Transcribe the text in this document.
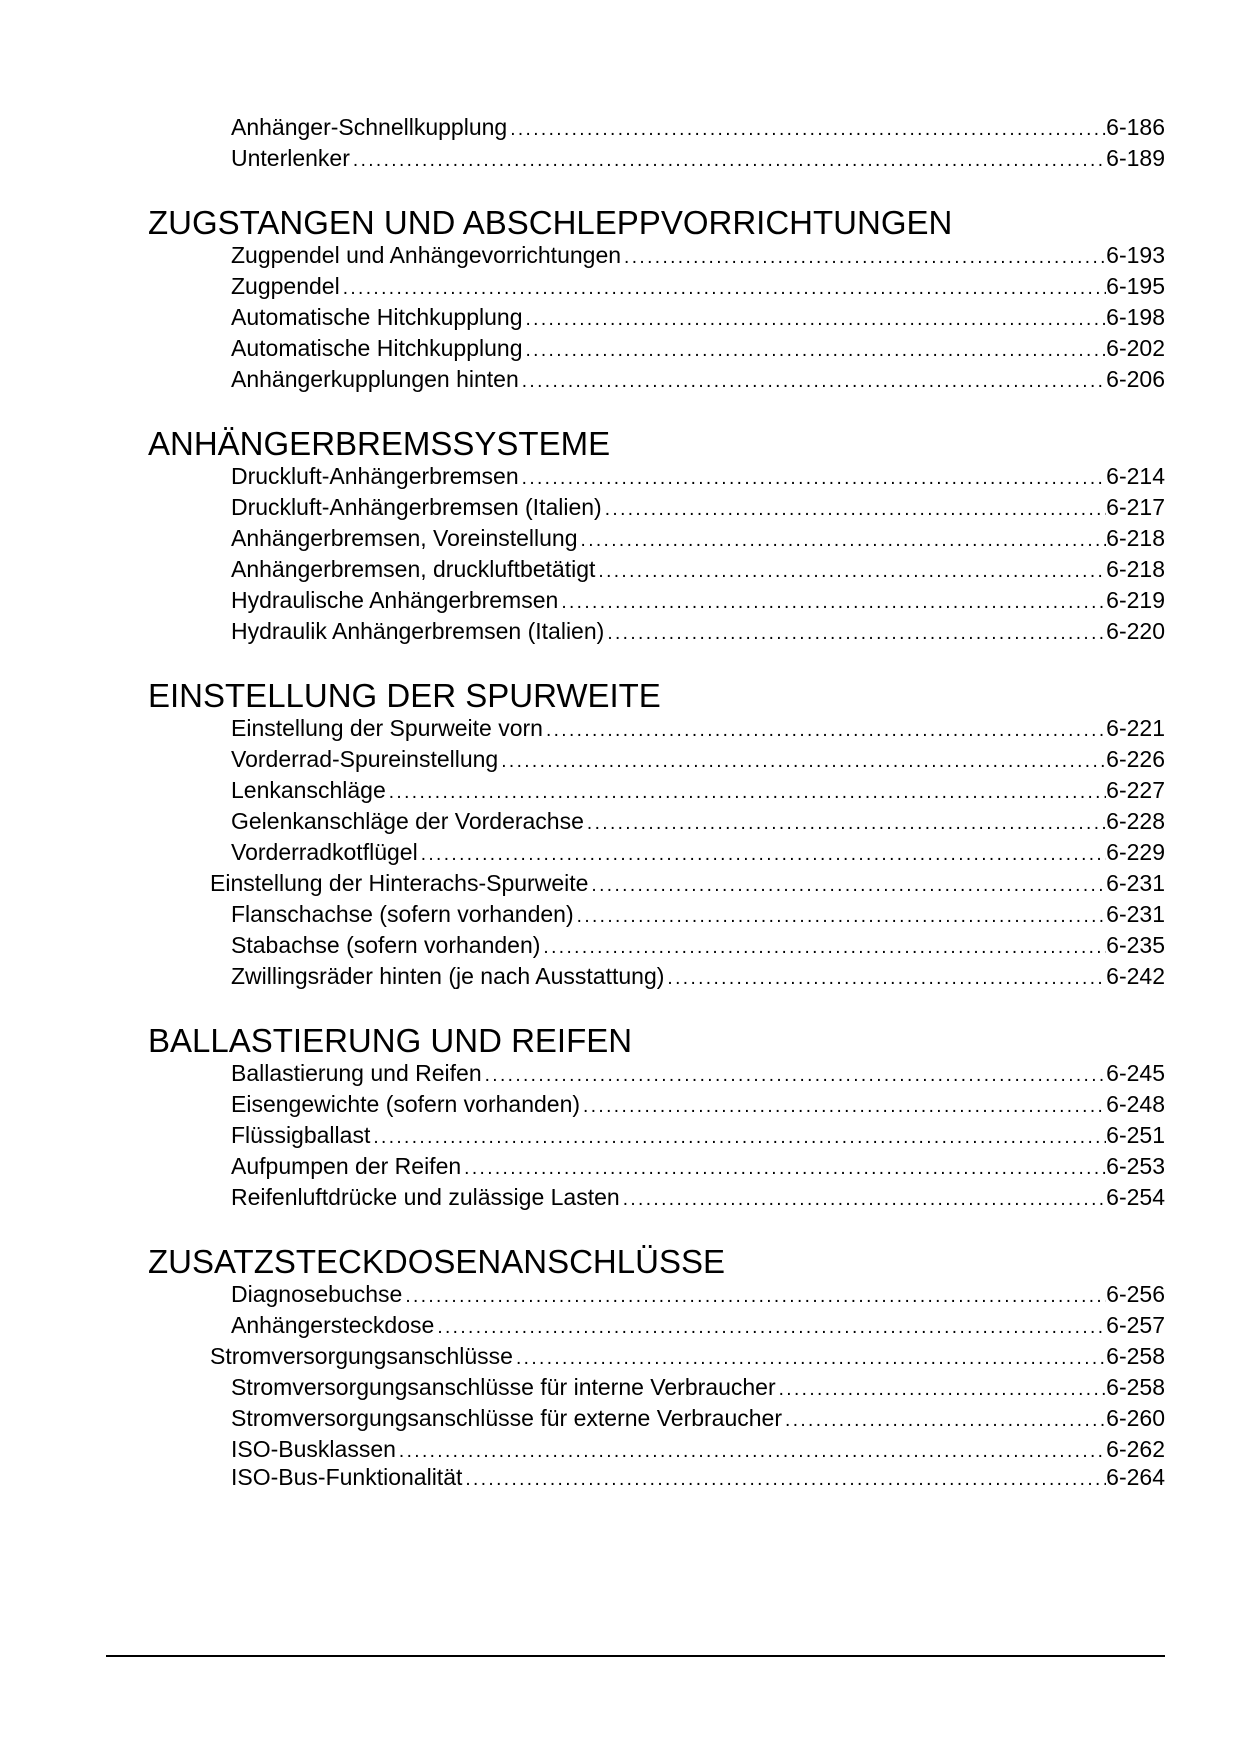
Anhänger-Schnellkupplung .....	6-186
Unterlenker .....	6-189
ZUGSTANGEN UND ABSCHLEPPVORRICHTUNGEN
Zugpendel und Anhängevorrichtungen .....	6-193
Zugpendel .....	6-195
Automatische Hitchkupplung .....	6-198
Automatische Hitchkupplung .....	6-202
Anhängerkupplungen hinten .....	6-206
ANHÄNGERBREMSSYSTEME
Druckluft-Anhängerbremsen .....	6-214
Druckluft-Anhängerbremsen (Italien) .....	6-217
Anhängerbremsen, Voreinstellung .....	6-218
Anhängerbremsen, druckluftbetätigt .....	6-218
Hydraulische Anhängerbremsen .....	6-219
Hydraulik Anhängerbremsen (Italien) .....	6-220
EINSTELLUNG DER SPURWEITE
Einstellung der Spurweite vorn .....	6-221
Vorderrad-Spureinstellung .....	6-226
Lenkanschläge .....	6-227
Gelenkanschläge der Vorderachse .....	6-228
Vorderradkotflügel .....	6-229
Einstellung der Hinterachs-Spurweite .....	6-231
Flanschachse (sofern vorhanden) .....	6-231
Stabachse (sofern vorhanden) .....	6-235
Zwillingsräder hinten (je nach Ausstattung) .....	6-242
BALLASTIERUNG UND REIFEN
Ballastierung und Reifen .....	6-245
Eisengewichte (sofern vorhanden) .....	6-248
Flüssigballast .....	6-251
Aufpumpen der Reifen .....	6-253
Reifenluftdrücke und zulässige Lasten .....	6-254
ZUSATZSTECKDOSENANSCHLÜSSE
Diagnosebuchse .....	6-256
Anhängersteckdose .....	6-257
Stromversorgungsanschlüsse .....	6-258
Stromversorgungsanschlüsse für interne Verbraucher .....	6-258
Stromversorgungsanschlüsse für externe Verbraucher .....	6-260
ISO-Busklassen .....	6-262
ISO-Bus-Funktionalität .....	6-264
